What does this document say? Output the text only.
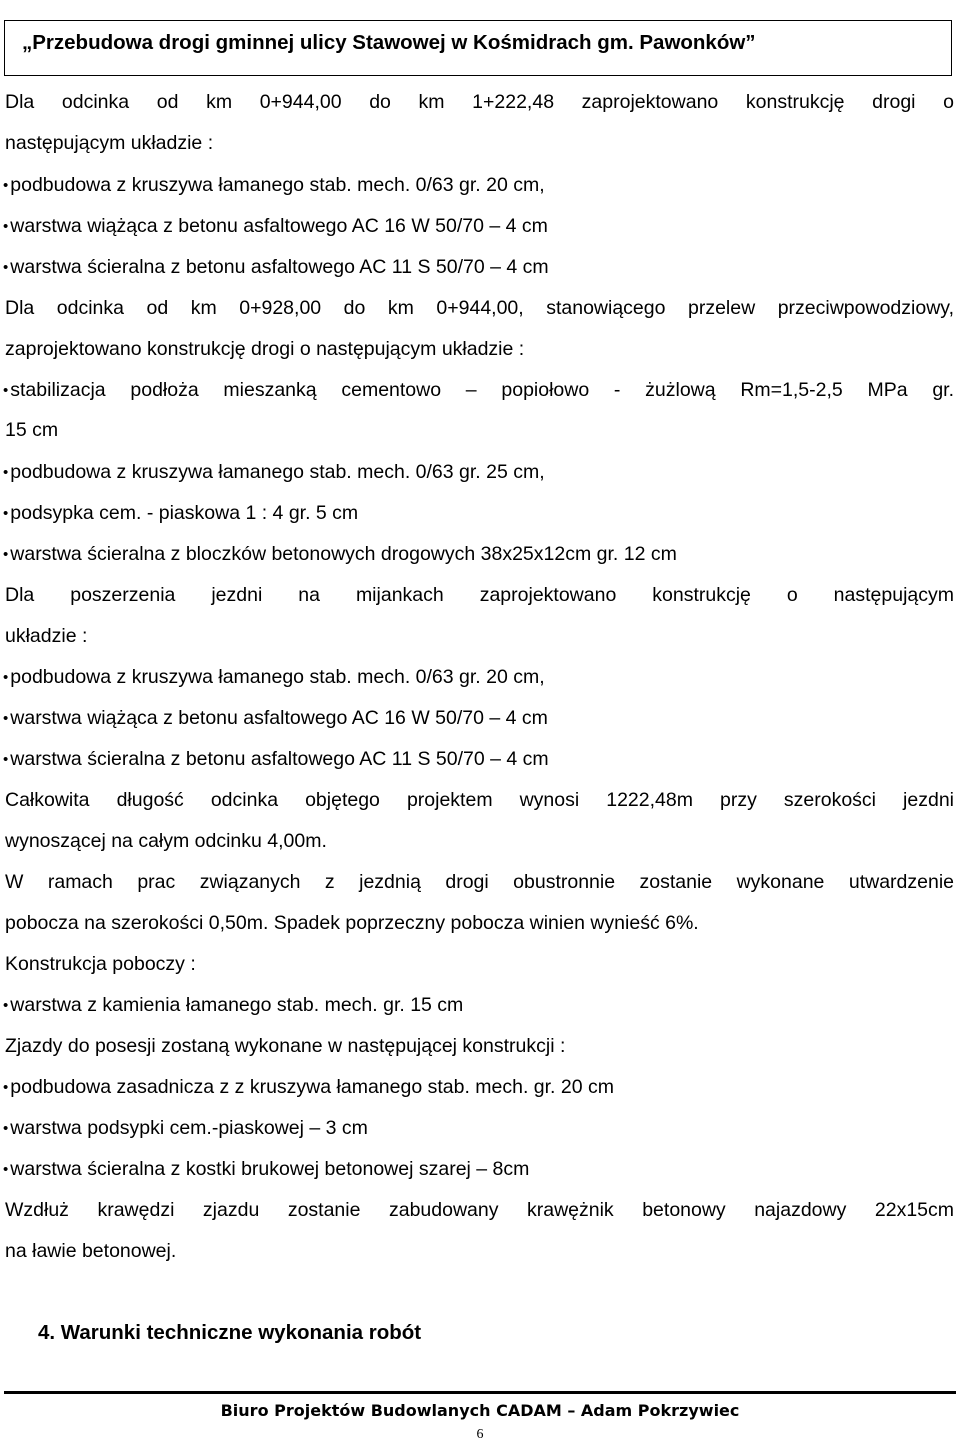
„Przebudowa drogi gminnej ulicy Stawowej w Kośmidrach gm. Pawonków”

Dla odcinka od km 0+944,00 do km 1+222,48 zaprojektowano konstrukcję drogi o

następującym układzie :

• podbudowa z kruszywa łamanego stab. mech. 0/63 gr. 20 cm,

• warstwa wiążąca z betonu asfaltowego AC 16 W 50/70 – 4 cm

• warstwa ścieralna z betonu asfaltowego AC 11 S 50/70 – 4 cm

Dla odcinka od km 0+928,00 do km 0+944,00, stanowiącego przelew przeciwpowodziowy,

zaprojektowano konstrukcję drogi o następującym układzie :

• stabilizacja podłoża mieszanką cementowo – popiołowo - żużlową Rm=1,5-2,5 MPa gr.

15 cm

• podbudowa z kruszywa łamanego stab. mech. 0/63 gr. 25 cm,

• podsypka cem. - piaskowa 1 : 4 gr. 5 cm

• warstwa ścieralna z bloczków betonowych drogowych 38x25x12cm gr. 12 cm

Dla poszerzenia jezdni na mijankach zaprojektowano konstrukcję o następującym

układzie :

• podbudowa z kruszywa łamanego stab. mech. 0/63 gr. 20 cm,

• warstwa wiążąca z betonu asfaltowego AC 16 W 50/70 – 4 cm

• warstwa ścieralna z betonu asfaltowego AC 11 S 50/70 – 4 cm

Całkowita długość odcinka objętego projektem wynosi 1222,48m przy szerokości jezdni

wynoszącej na całym odcinku 4,00m.

W ramach prac związanych z jezdnią drogi obustronnie zostanie wykonane utwardzenie

pobocza na szerokości 0,50m. Spadek poprzeczny pobocza winien wynieść 6%.

Konstrukcja poboczy :

• warstwa z kamienia łamanego stab. mech. gr. 15 cm

Zjazdy do posesji zostaną wykonane w następującej konstrukcji :

• podbudowa zasadnicza z z kruszywa łamanego stab. mech. gr. 20 cm

• warstwa podsypki cem.-piaskowej – 3 cm

• warstwa ścieralna z kostki brukowej betonowej szarej – 8cm

Wzdłuż krawędzi zjazdu zostanie zabudowany krawężnik betonowy najazdowy 22x15cm

na ławie betonowej.

4. Warunki techniczne wykonania robót

Biuro Projektów Budowlanych CADAM – Adam Pokrzywiec

6
